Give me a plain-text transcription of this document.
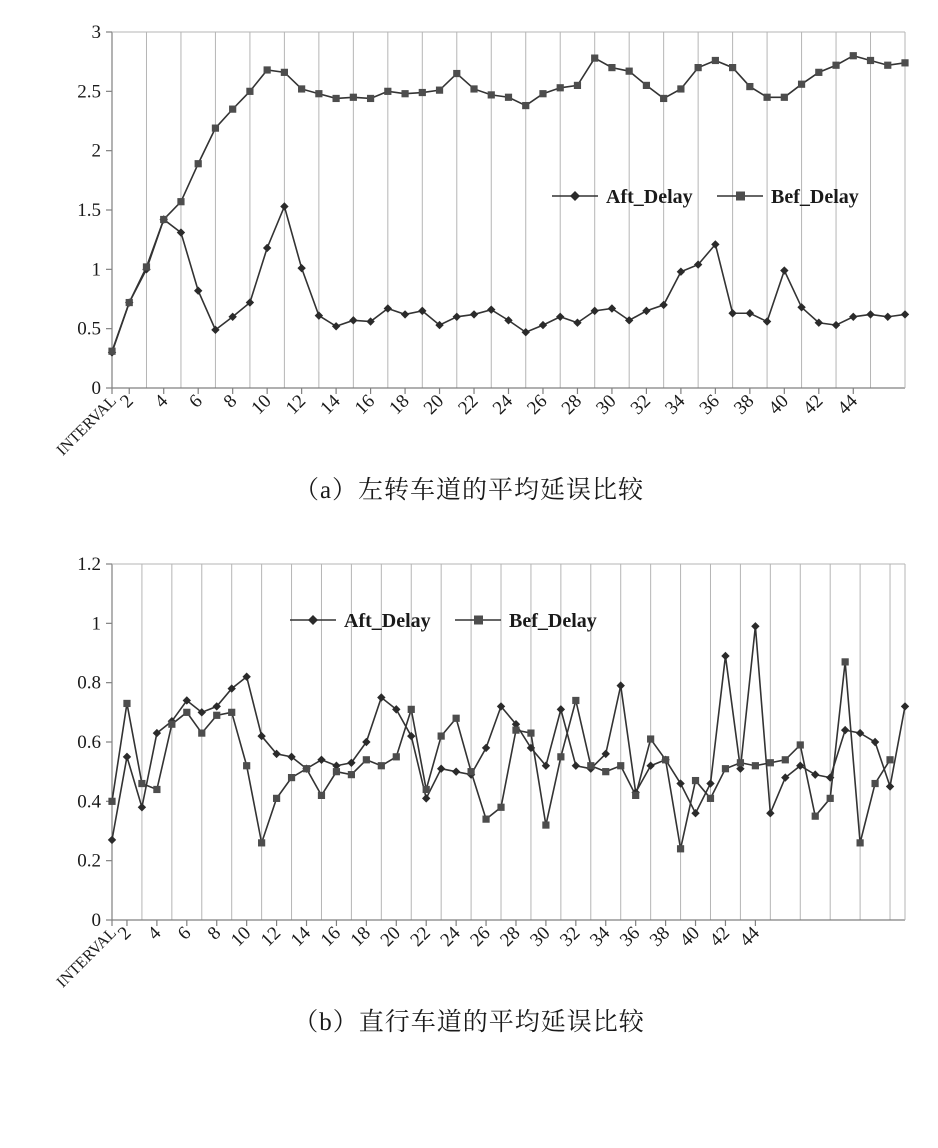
0
0.5
1
1.5
2
2.5
3
INTERVAL
2 4 6 8 10 12 14 16 18 20 22 24 26 28 30 32 34 36 38 40 42 44
Aft_Delay	Bef_Delay
（a）左转车道的平均延误比较
0
0.2
0.4
0.6
0.8
1
1.2
INTERVAL
2 4 6 8 10 12 14 16 18 20 22 24 26 28 30 32 34 36 38 40 42 44
Aft_Delay	Bef_Delay
（b）直行车道的平均延误比较
